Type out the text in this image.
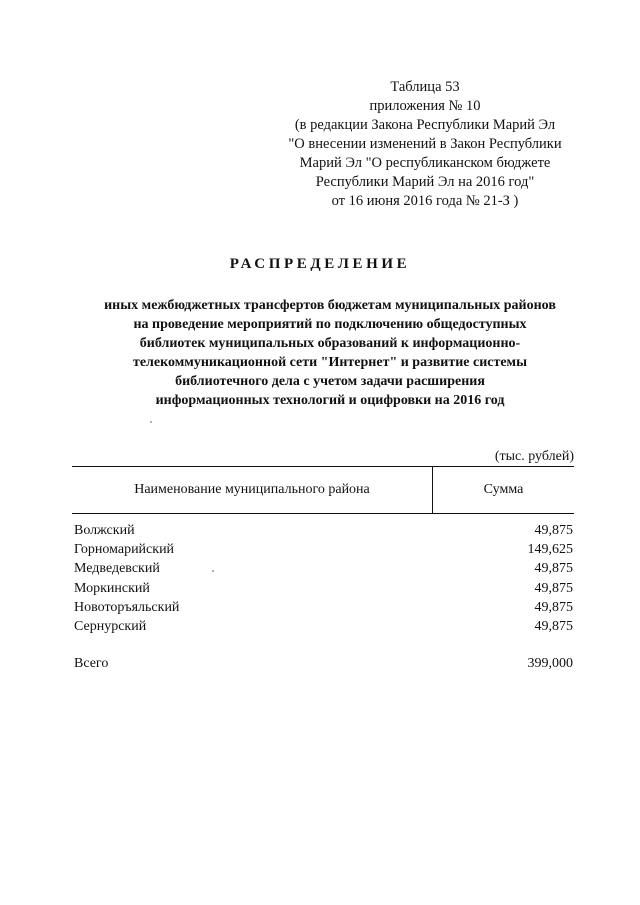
Таблица 53
приложения № 10
(в редакции Закона Республики Марий Эл
"О внесении изменений в Закон Республики
Марий Эл "О республиканском бюджете
Республики Марий Эл на 2016 год"
от 16 июня 2016 года № 21-З )
РАСПРЕДЕЛЕНИЕ
иных межбюджетных трансфертов бюджетам муниципальных районов
на проведение мероприятий по подключению общедоступных
библиотек муниципальных образований к информационно-
телекоммуникационной сети "Интернет" и развитие системы
библиотечного дела с учетом задачи расширения
информационных технологий и оцифровки на 2016 год
(тыс. рублей)
Наименование муниципального района	Сумма
Волжский	49,875
Горномарийский	149,625
Медведевский	49,875
Моркинский	49,875
Новоторъяльский	49,875
Сернурский	49,875
Всего	399,000
